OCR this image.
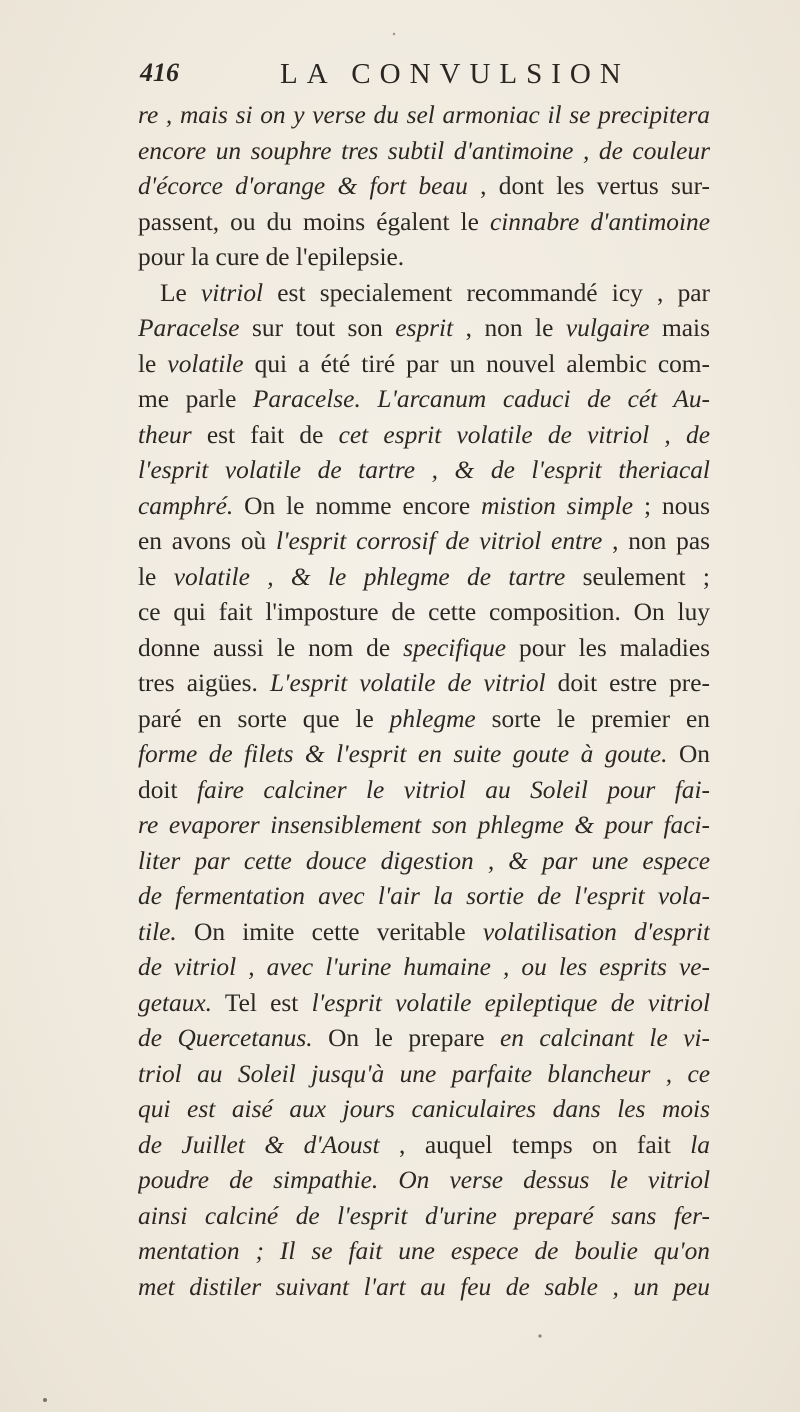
416	LA CONVULSION
re , mais si on y verse du sel armoniac il se precipitera
encore un souphre tres subtil d'antimoine , de couleur
d'écorce d'orange & fort beau , dont les vertus sur-
passent, ou du moins égalent le cinnabre d'antimoine
pour la cure de l'epilepsie.
Le vitriol est specialement recommandé icy , par
Paracelse sur tout son esprit , non le vulgaire mais
le volatile qui a été tiré par un nouvel alembic com-
me parle Paracelse. L'arcanum caduci de cét Au-
theur est fait de cet esprit volatile de vitriol , de
l'esprit volatile de tartre , & de l'esprit theriacal
camphré. On le nomme encore mistion simple ; nous
en avons où l'esprit corrosif de vitriol entre , non pas
le volatile , & le phlegme de tartre seulement ;
ce qui fait l'imposture de cette composition. On luy
donne aussi le nom de specifique pour les maladies
tres aigües. L'esprit volatile de vitriol doit estre pre-
paré en sorte que le phlegme sorte le premier en
forme de filets & l'esprit en suite goute à goute. On
doit faire calciner le vitriol au Soleil pour fai-
re evaporer insensiblement son phlegme & pour faci-
liter par cette douce digestion , & par une espece
de fermentation avec l'air la sortie de l'esprit vola-
tile. On imite cette veritable volatilisation d'esprit
de vitriol , avec l'urine humaine , ou les esprits ve-
getaux. Tel est l'esprit volatile epileptique de vitriol
de Quercetanus. On le prepare en calcinant le vi-
triol au Soleil jusqu'à une parfaite blancheur , ce
qui est aisé aux jours caniculaires dans les mois
de Juillet & d'Aoust , auquel temps on fait la
poudre de simpathie. On verse dessus le vitriol
ainsi calciné de l'esprit d'urine preparé sans fer-
mentation ; Il se fait une espece de boulie qu'on
met distiler suivant l'art au feu de sable , un peu
